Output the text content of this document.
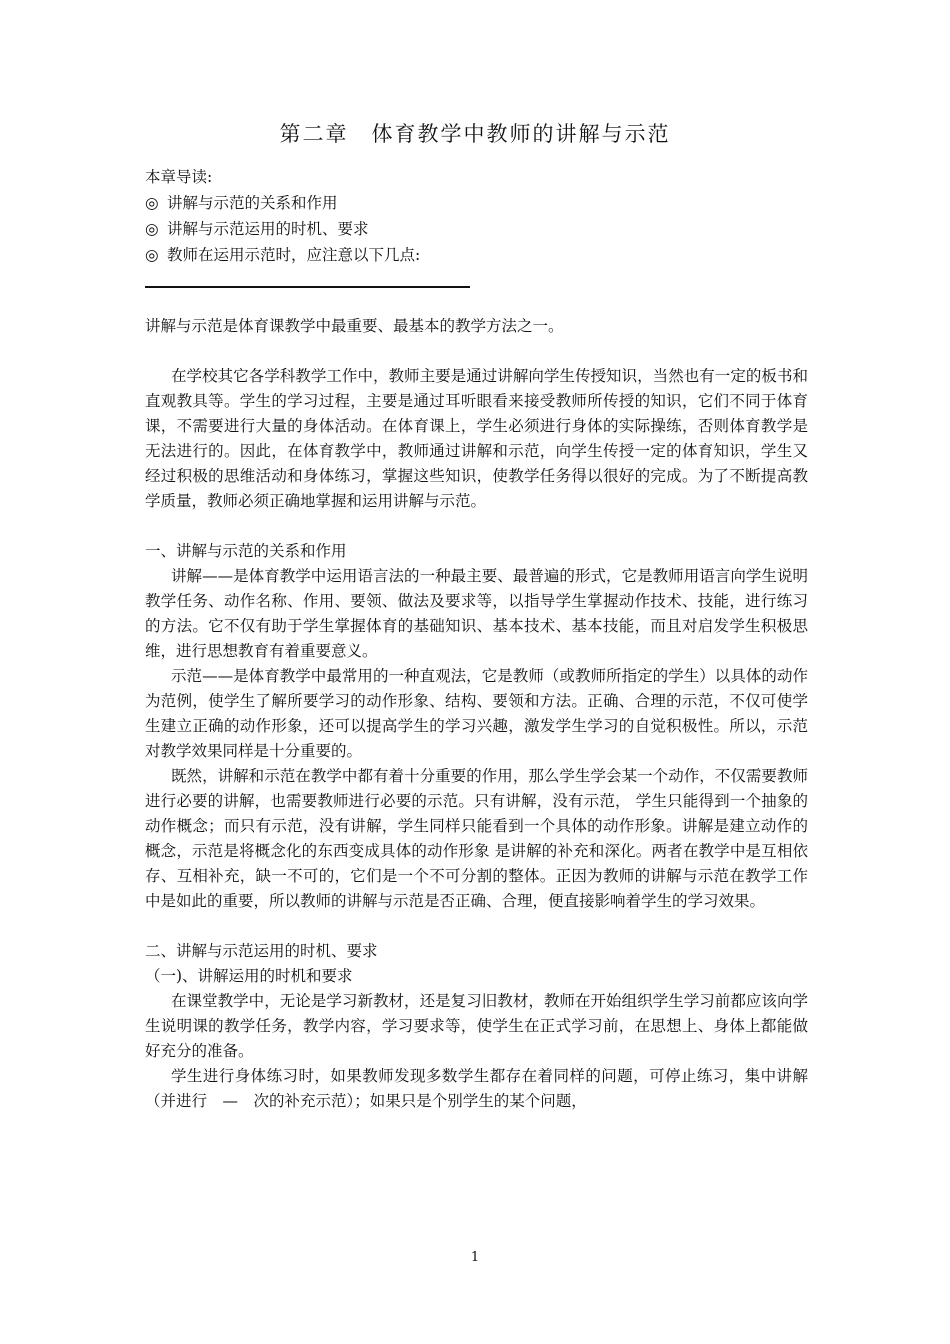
第二章　体育教学中教师的讲解与示范
本章导读:
◎ 讲解与示范的关系和作用
◎ 讲解与示范运用的时机、要求
◎ 教师在运用示范时，应注意以下几点:

讲解与示范是体育课教学中最重要、最基本的教学方法之一。

在学校其它各学科教学工作中，教师主要是通过讲解向学生传授知识，当然也有一定的板书和直观教具等。学生的学习过程，主要是通过耳听眼看来接受教师所传授的知识，它们不同于体育课，不需要进行大量的身体活动。在体育课上，学生必须进行身体的实际操练，否则体育教学是无法进行的。因此，在体育教学中，教师通过讲解和示范，向学生传授一定的体育知识，学生又经过积极的思维活动和身体练习，掌握这些知识，使教学任务得以很好的完成。为了不断提高教学质量，教师必须正确地掌握和运用讲解与示范。

一、讲解与示范的关系和作用

讲解——是体育教学中运用语言法的一种最主要、最普遍的形式，它是教师用语言向学生说明教学任务、动作名称、作用、要领、做法及要求等，以指导学生掌握动作技术、技能，进行练习的方法。它不仅有助于学生掌握体育的基础知识、基本技术、基本技能，而且对启发学生积极思维，进行思想教育有着重要意义。

示范——是体育教学中最常用的一种直观法，它是教师（或教师所指定的学生）以具体的动作为范例，使学生了解所要学习的动作形象、结构、要领和方法。正确、合理的示范，不仅可使学生建立正确的动作形象，还可以提高学生的学习兴趣，激发学生学习的自觉积极性。所以，示范对教学效果同样是十分重要的。

既然，讲解和示范在教学中都有着十分重要的作用，那么学生学会某一个动作，不仅需要教师进行必要的讲解，也需要教师进行必要的示范。只有讲解，没有示范， 学生只能得到一个抽象的动作概念；而只有示范，没有讲解，学生同样只能看到一个具体的动作形象。讲解是建立动作的概念，示范是将概念化的东西变成具体的动作形象 是讲解的补充和深化。两者在教学中是互相依存、互相补充，缺一不可的，它们是一个不可分割的整体。正因为教师的讲解与示范在教学工作中是如此的重要，所以教师的讲解与示范是否正确、合理，便直接影响着学生的学习效果。

二、讲解与示范运用的时机、要求

（一)、讲解运用的时机和要求

在课堂教学中，无论是学习新教材，还是复习旧教材，教师在开始组织学生学习前都应该向学生说明课的教学任务，教学内容，学习要求等，使学生在正式学习前，在思想上、身体上都能做好充分的准备。

学生进行身体练习时，如果教师发现多数学生都存在着同样的问题，可停止练习，集中讲解（并进行　—　次的补充示范）；如果只是个别学生的某个问题，

1
